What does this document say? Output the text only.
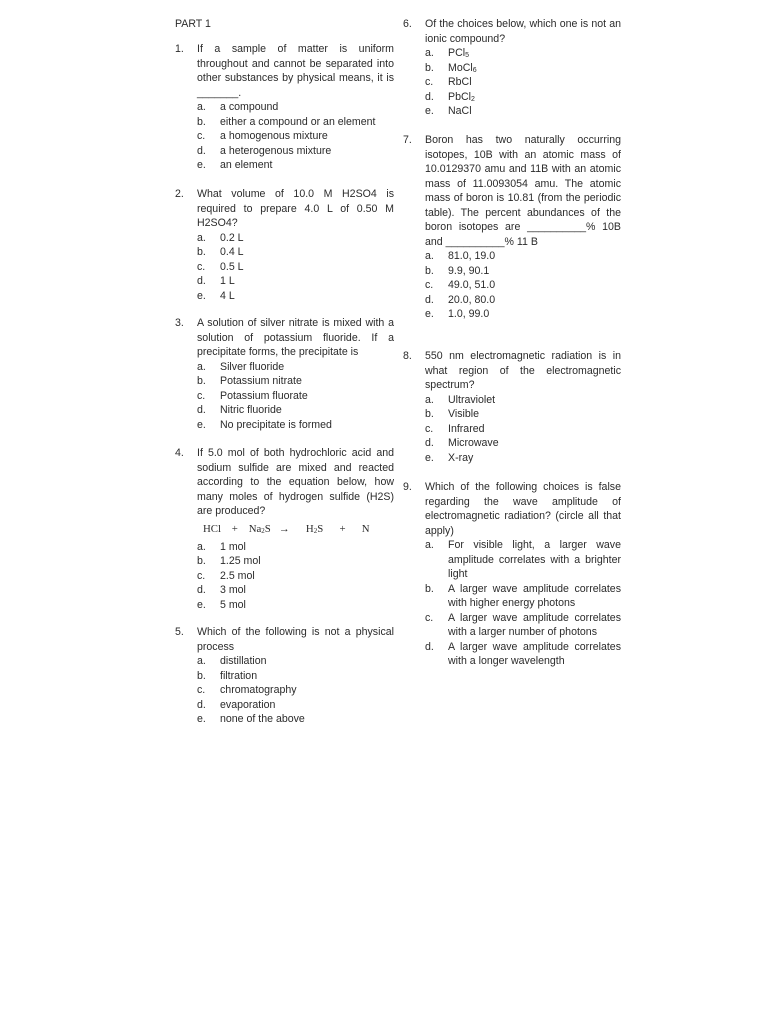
PART 1
1. If a sample of matter is uniform throughout and cannot be separated into other substances by physical means, it is _______.
a. a compound
b. either a compound or an element
c. a homogenous mixture
d. a heterogenous mixture
e. an element
2. What volume of 10.0 M H2SO4 is required to prepare 4.0 L of 0.50 M H2SO4?
a. 0.2 L
b. 0.4 L
c. 0.5 L
d. 1 L
e. 4 L
3. A solution of silver nitrate is mixed with a solution of potassium fluoride. If a precipitate forms, the precipitate is
a. Silver fluoride
b. Potassium nitrate
c. Potassium fluorate
d. Nitric fluoride
e. No precipitate is formed
4. If 5.0 mol of both hydrochloric acid and sodium sulfide are mixed and reacted according to the equation below, how many moles of hydrogen sulfide (H2S) are produced?
HCl + $Na_2S \to H_2S + N$
a. 1 mol
b. 1.25 mol
c. 2.5 mol
d. 3 mol
e. 5 mol
5. Which of the following is not a physical process
a. distillation
b. filtration
c. chromatography
d. evaporation
e. none of the above
6. Of the choices below, which one is not an ionic compound?
a. PCl$_5$
b. MoCl$_6$
c. RbCl
d. PbCl$_2$
e. NaCl
7. Boron has two naturally occurring isotopes, 10B with an atomic mass of 10.0129370 amu and 11B with an atomic mass of 11.0093054 amu. The atomic mass of boron is 10.81 (from the periodic table). The percent abundances of the boron isotopes are __________% 10B and __________% 11 B
a. 81.0, 19.0
b. 9.9, 90.1
c. 49.0, 51.0
d. 20.0, 80.0
e. 1.0, 99.0
8. 550 nm electromagnetic radiation is in what region of the electromagnetic spectrum?
a. Ultraviolet
b. Visible
c. Infrared
d. Microwave
e. X-ray
9. Which of the following choices is false regarding the wave amplitude of electromagnetic radiation? (circle all that apply)
a. For visible light, a larger wave amplitude correlates with a brighter light
b. A larger wave amplitude correlates with higher energy photons
c. A larger wave amplitude correlates with a larger number of photons
d. A larger wave amplitude correlates with a longer wavelength
